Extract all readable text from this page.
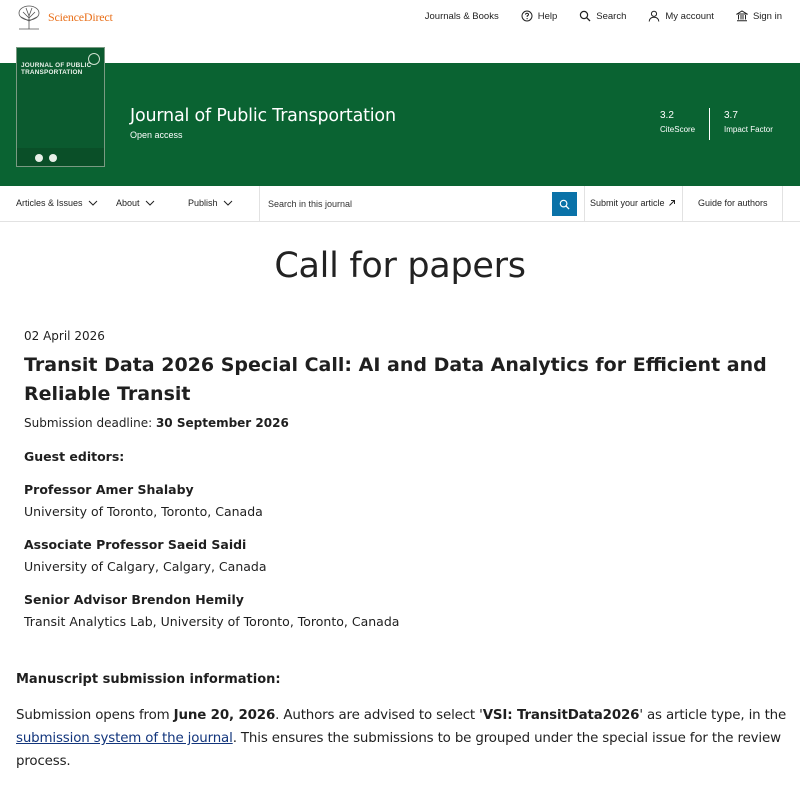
ScienceDirect	Journals & Books	Help	Search	My account	Sign in
JOURNAL OF PUBLIC TRANSPORTATION
Journal of Public Transportation
Open access
3.2
CiteScore
3.7
Impact Factor
Articles & Issues	About	Publish
Search in this journal	Submit your article	Guide for authors
Call for papers
02 April 2026
Transit Data 2026 Special Call: AI and Data Analytics for Efficient and Reliable Transit
Submission deadline: 30 September 2026
Guest editors:
Professor Amer Shalaby
University of Toronto, Toronto, Canada
Associate Professor Saeid Saidi
University of Calgary, Calgary, Canada
Senior Advisor Brendon Hemily
Transit Analytics Lab, University of Toronto, Toronto, Canada
Manuscript submission information:
Submission opens from June 20, 2026. Authors are advised to select 'VSI: TransitData2026' as article type, in the submission system of the journal. This ensures the submissions to be grouped under the special issue for the review process.
